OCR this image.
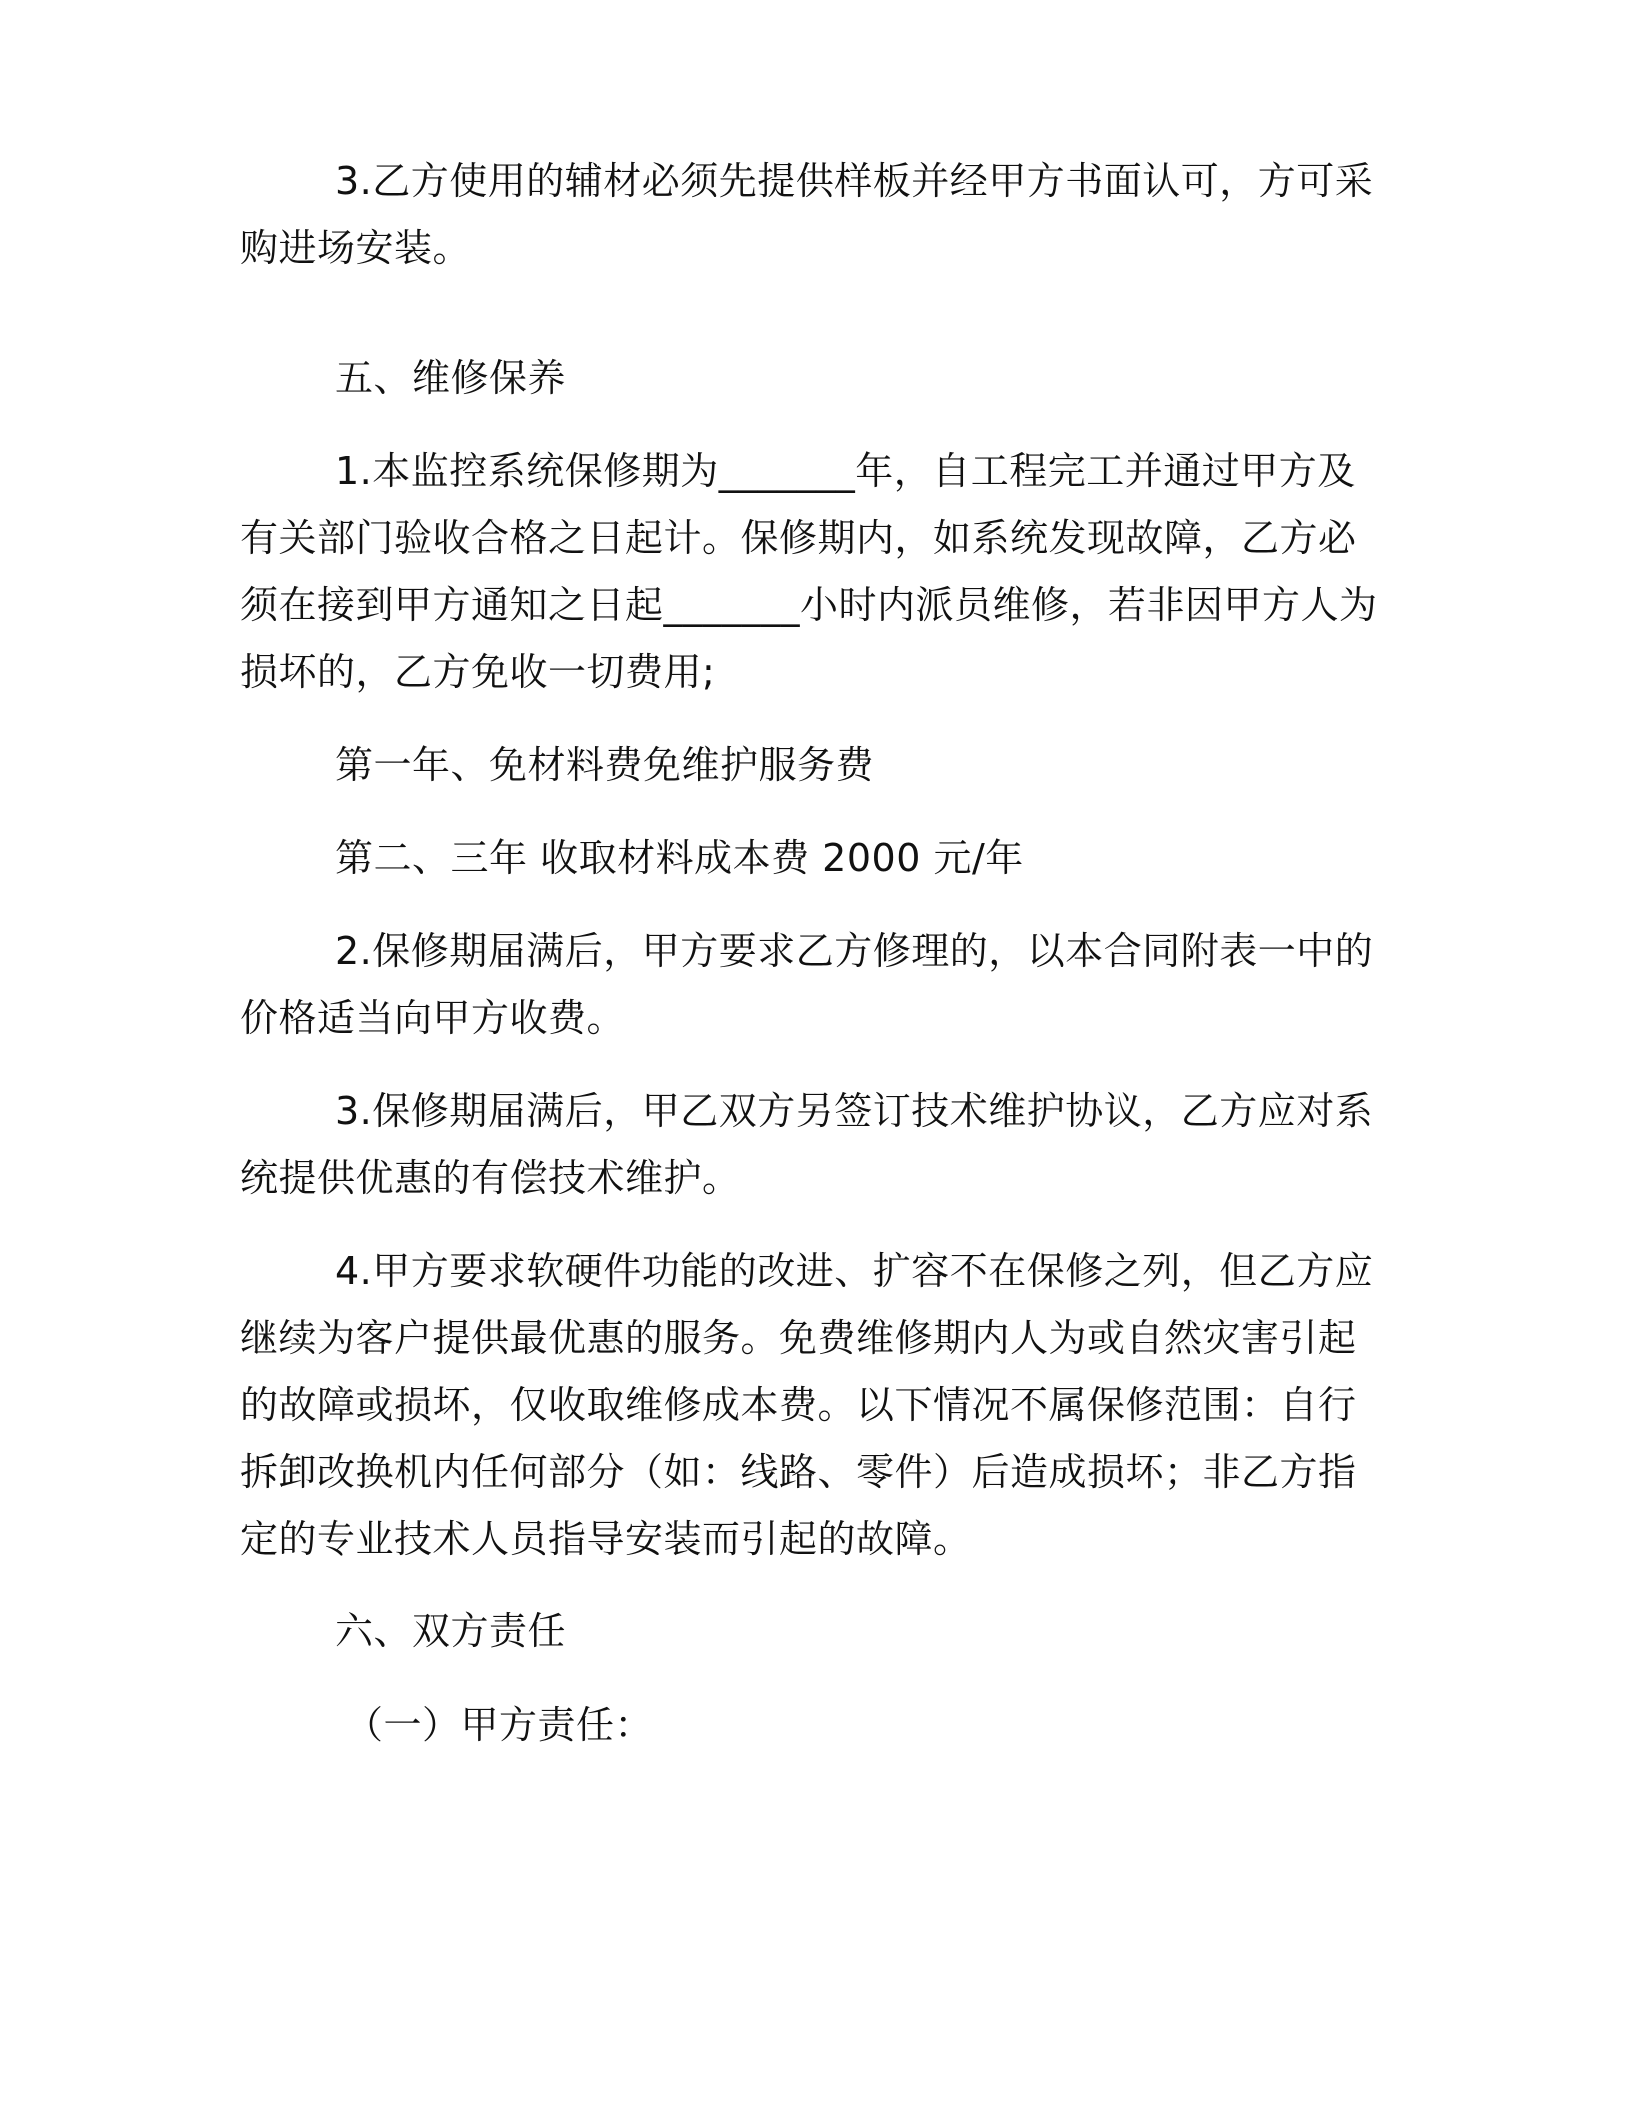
3.乙方使用的辅材必须先提供样板并经甲方书面认可，方可采购进场安装。

五、维修保养

1.本监控系统保修期为_______年，自工程完工并通过甲方及有关部门验收合格之日起计。保修期内，如系统发现故障，乙方必须在接到甲方通知之日起_______小时内派员维修，若非因甲方人为损坏的，乙方免收一切费用;

第一年、免材料费免维护服务费

第二、三年 收取材料成本费 2000 元/年

2.保修期届满后，甲方要求乙方修理的，以本合同附表一中的价格适当向甲方收费。

3.保修期届满后，甲乙双方另签订技术维护协议，乙方应对系统提供优惠的有偿技术维护。

4.甲方要求软硬件功能的改进、扩容不在保修之列，但乙方应继续为客户提供最优惠的服务。免费维修期内人为或自然灾害引起的故障或损坏，仅收取维修成本费。以下情况不属保修范围：自行拆卸改换机内任何部分（如：线路、零件）后造成损坏；非乙方指定的专业技术人员指导安装而引起的故障。

六、双方责任

（一）甲方责任：
